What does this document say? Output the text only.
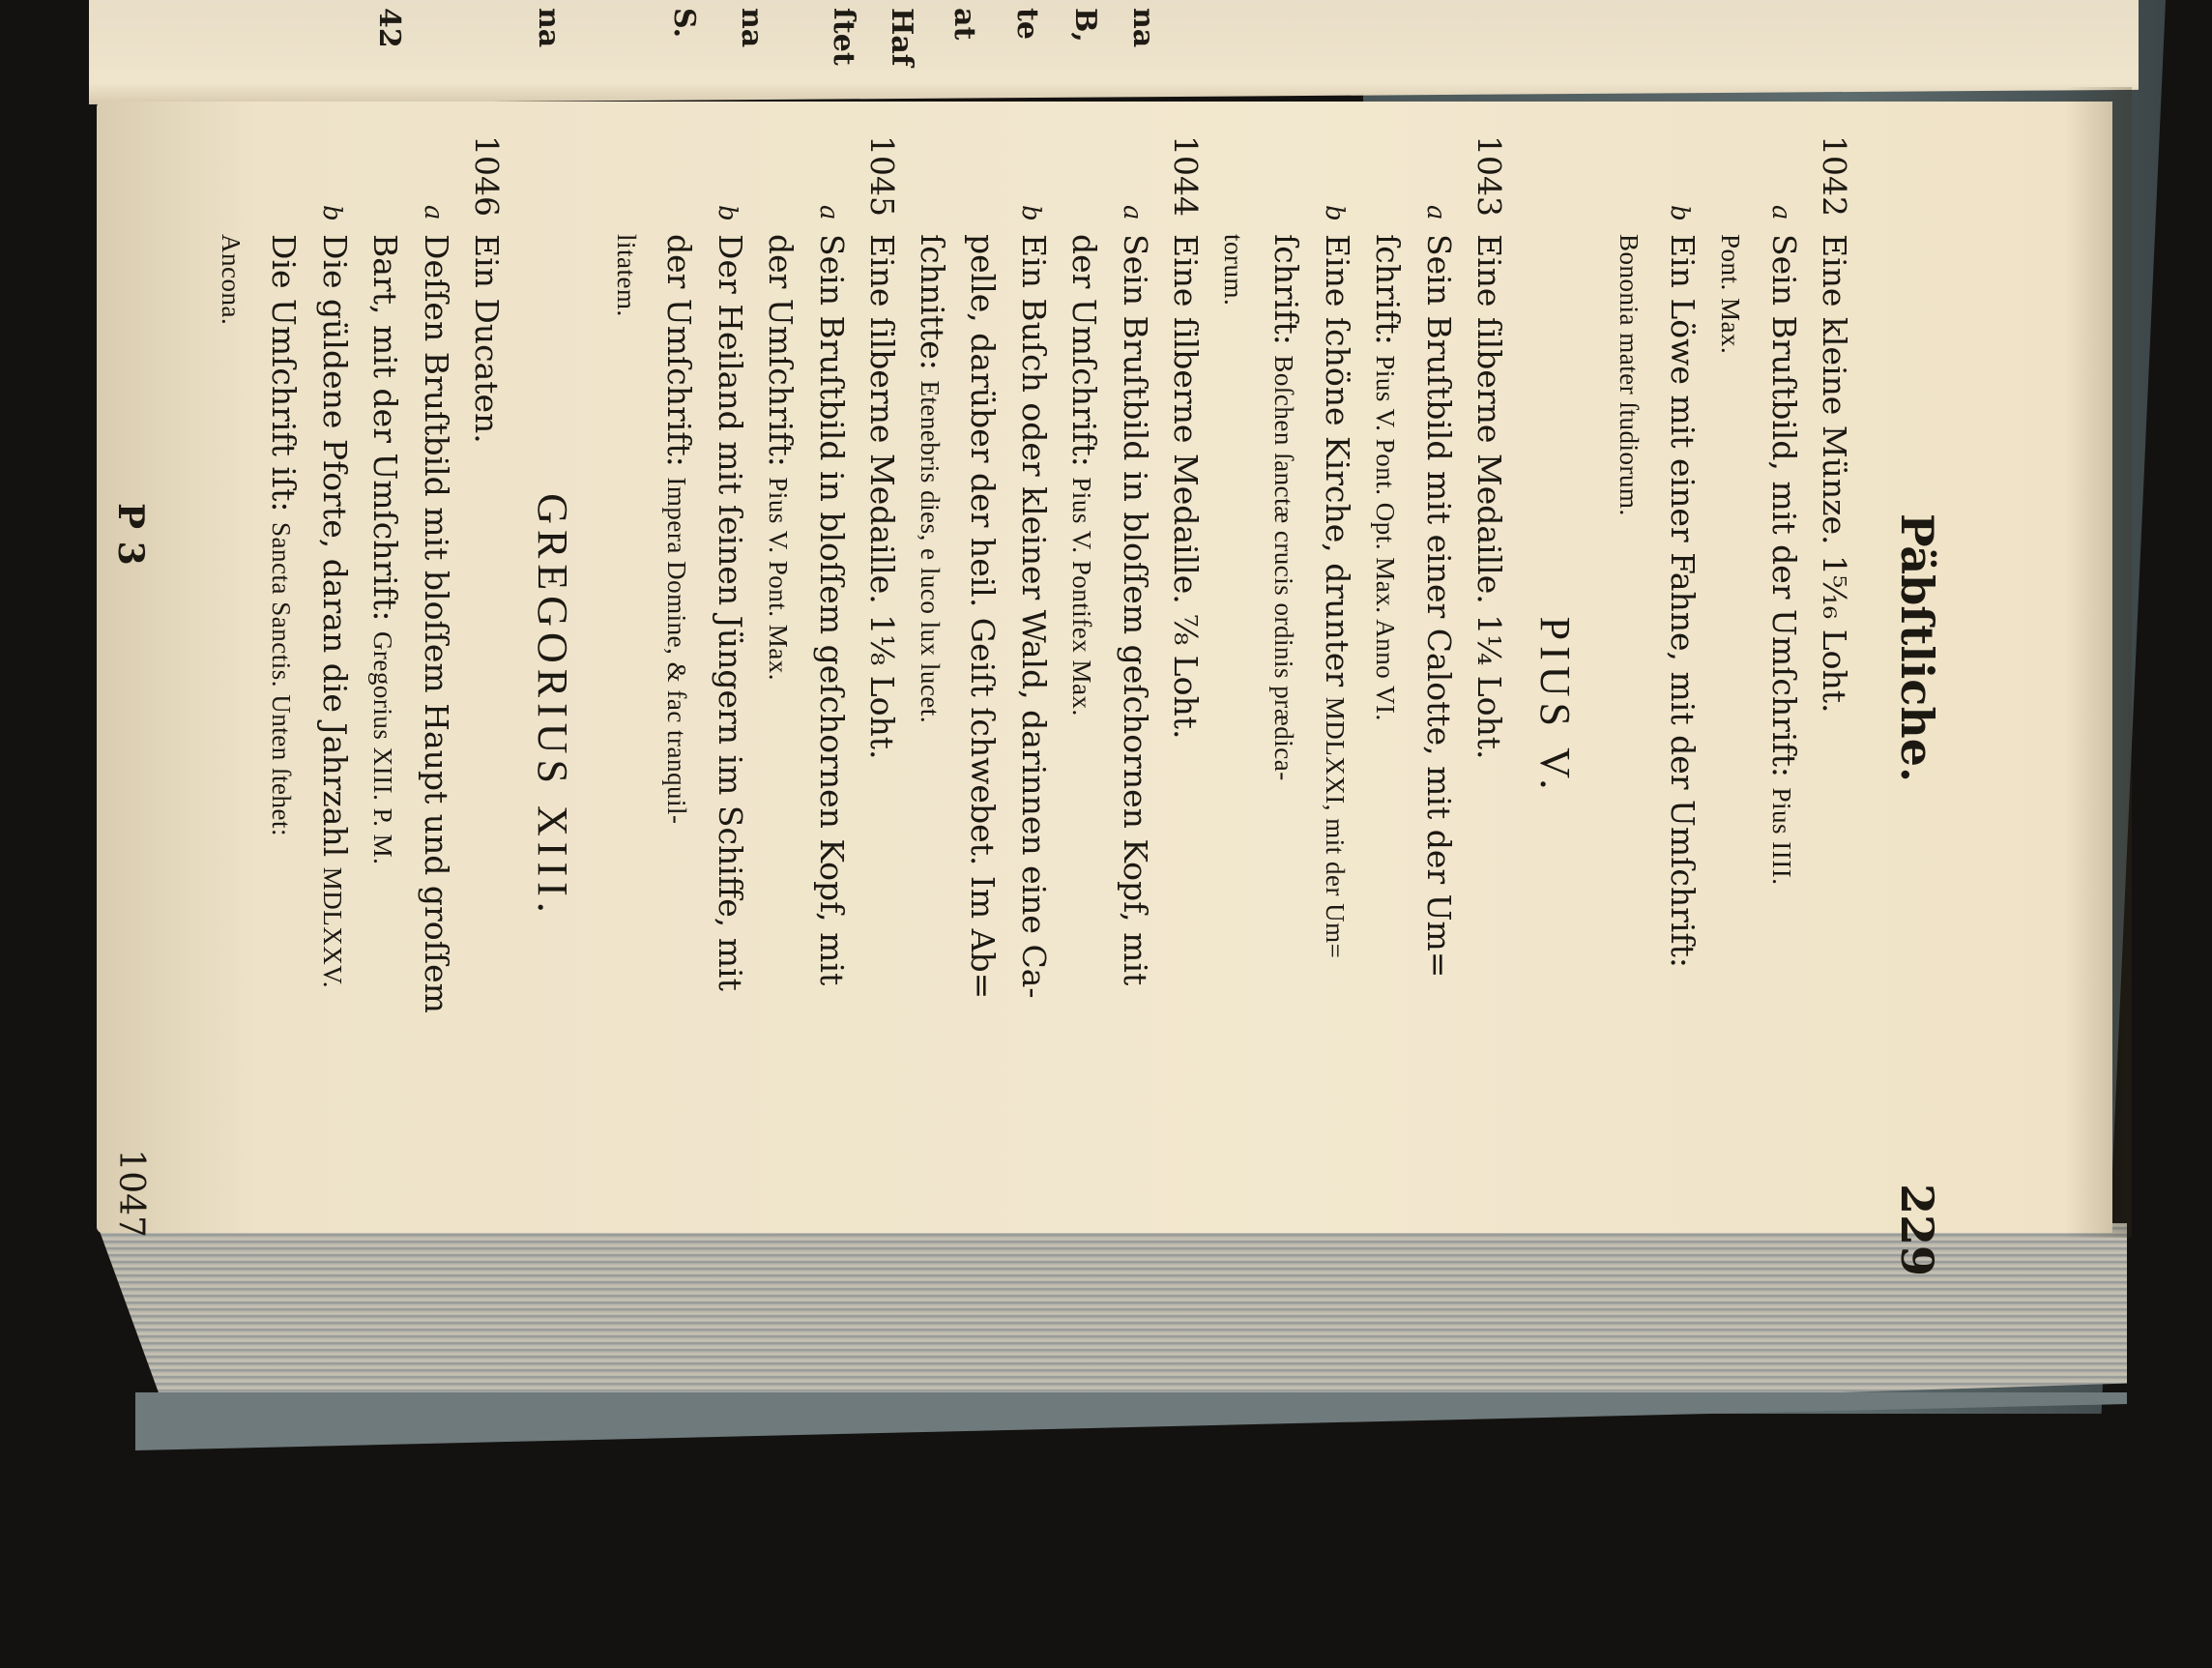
42	na	S. na ſtet Haf at te B, na
Päbſtliche.
229
1042Eine kleine Münze. 1⁵⁄₁₆ Loht.
aSein Bruſtbild, mit der Umſchrift: Pius IIII.
Pont. Max.
bEin Löwe mit einer Fahne, mit der Umſchrift:
Bononia mater ſtudiorum.
PIUS V.
1043Eine ſilberne Medaille. 1¼ Loht.
aSein Bruſtbild mit einer Calotte, mit der Um=
ſchrift: Pius V. Pont. Opt. Max. Anno VI.
bEine ſchöne Kirche, drunter MDLXXI, mit der Um=
ſchrift: Boſchen ſanctæ crucis ordinis prædica-
torum.
1044Eine ſilberne Medaille. ⁷⁄₈ Loht.
aSein Bruſtbild in bloſſem geſchornen Kopf, mit
der Umſchrift: Pius V. Pontifex Max.
bEin Buſch oder kleiner Wald, darinnen eine Ca-
pelle, darüber der heil. Geiſt ſchwebet. Im Ab=
ſchnitte: Etenebris dies, e luco lux lucet.
1045Eine ſilberne Medaille. 1⅛ Loht.
aSein Bruſtbild in bloſſem geſchornen Kopf, mit
der Umſchrift: Pius V. Pont. Max.
bDer Heiland mit ſeinen Jüngern im Schiffe, mit
der Umſchrift: Impera Domine, & fac tranquil-
litatem.
GREGORIUS XIII.
1046Ein Ducaten.
aDeſſen Bruſtbild mit bloſſem Haupt und groſſem
Bart, mit der Umſchrift: Gregorius XIII. P. M.
bDie güldene Pforte, daran die Jahrzahl MDLXXV.
Die Umſchrift iſt: Sancta Sanctis. Unten ſtehet:
Ancona.
P 3
1047
